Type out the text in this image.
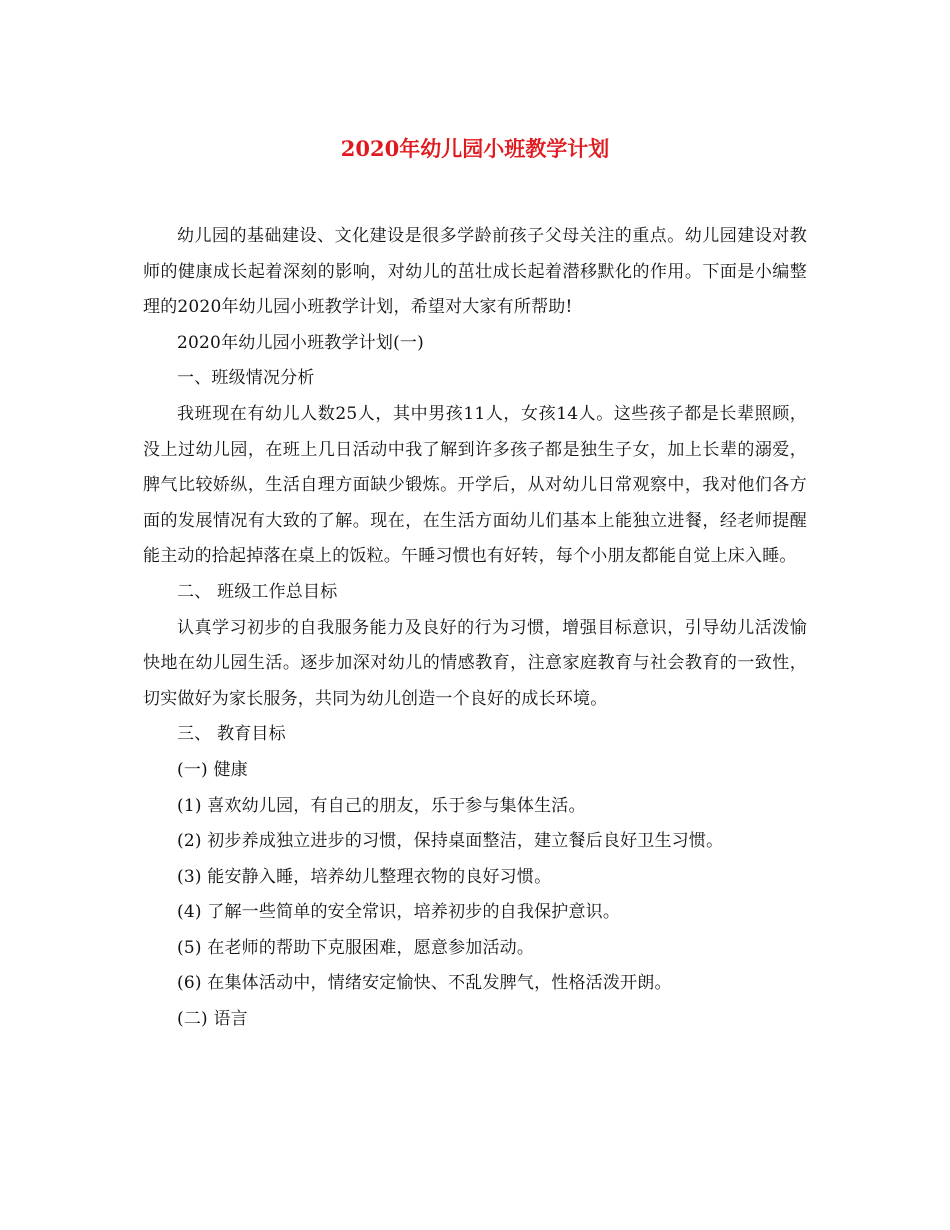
2020年幼儿园小班教学计划

幼儿园的基础建设、文化建设是很多学龄前孩子父母关注的重点。幼儿园建设对教师的健康成长起着深刻的影响，对幼儿的茁壮成长起着潜移默化的作用。下面是小编整理的2020年幼儿园小班教学计划，希望对大家有所帮助!

2020年幼儿园小班教学计划(一)

一、班级情况分析

我班现在有幼儿人数25人，其中男孩11人，女孩14人。这些孩子都是长辈照顾，没上过幼儿园，在班上几日活动中我了解到许多孩子都是独生子女，加上长辈的溺爱，脾气比较娇纵，生活自理方面缺少锻炼。开学后，从对幼儿日常观察中，我对他们各方面的发展情况有大致的了解。现在，在生活方面幼儿们基本上能独立进餐，经老师提醒能主动的拾起掉落在桌上的饭粒。午睡习惯也有好转，每个小朋友都能自觉上床入睡。

二、 班级工作总目标

认真学习初步的自我服务能力及良好的行为习惯，增强目标意识，引导幼儿活泼愉快地在幼儿园生活。逐步加深对幼儿的情感教育，注意家庭教育与社会教育的一致性，切实做好为家长服务，共同为幼儿创造一个良好的成长环境。

三、 教育目标

(一) 健康

(1) 喜欢幼儿园，有自己的朋友，乐于参与集体生活。

(2) 初步养成独立进步的习惯，保持桌面整洁，建立餐后良好卫生习惯。

(3) 能安静入睡，培养幼儿整理衣物的良好习惯。

(4) 了解一些简单的安全常识，培养初步的自我保护意识。

(5) 在老师的帮助下克服困难，愿意参加活动。

(6) 在集体活动中，情绪安定愉快、不乱发脾气，性格活泼开朗。

(二) 语言
